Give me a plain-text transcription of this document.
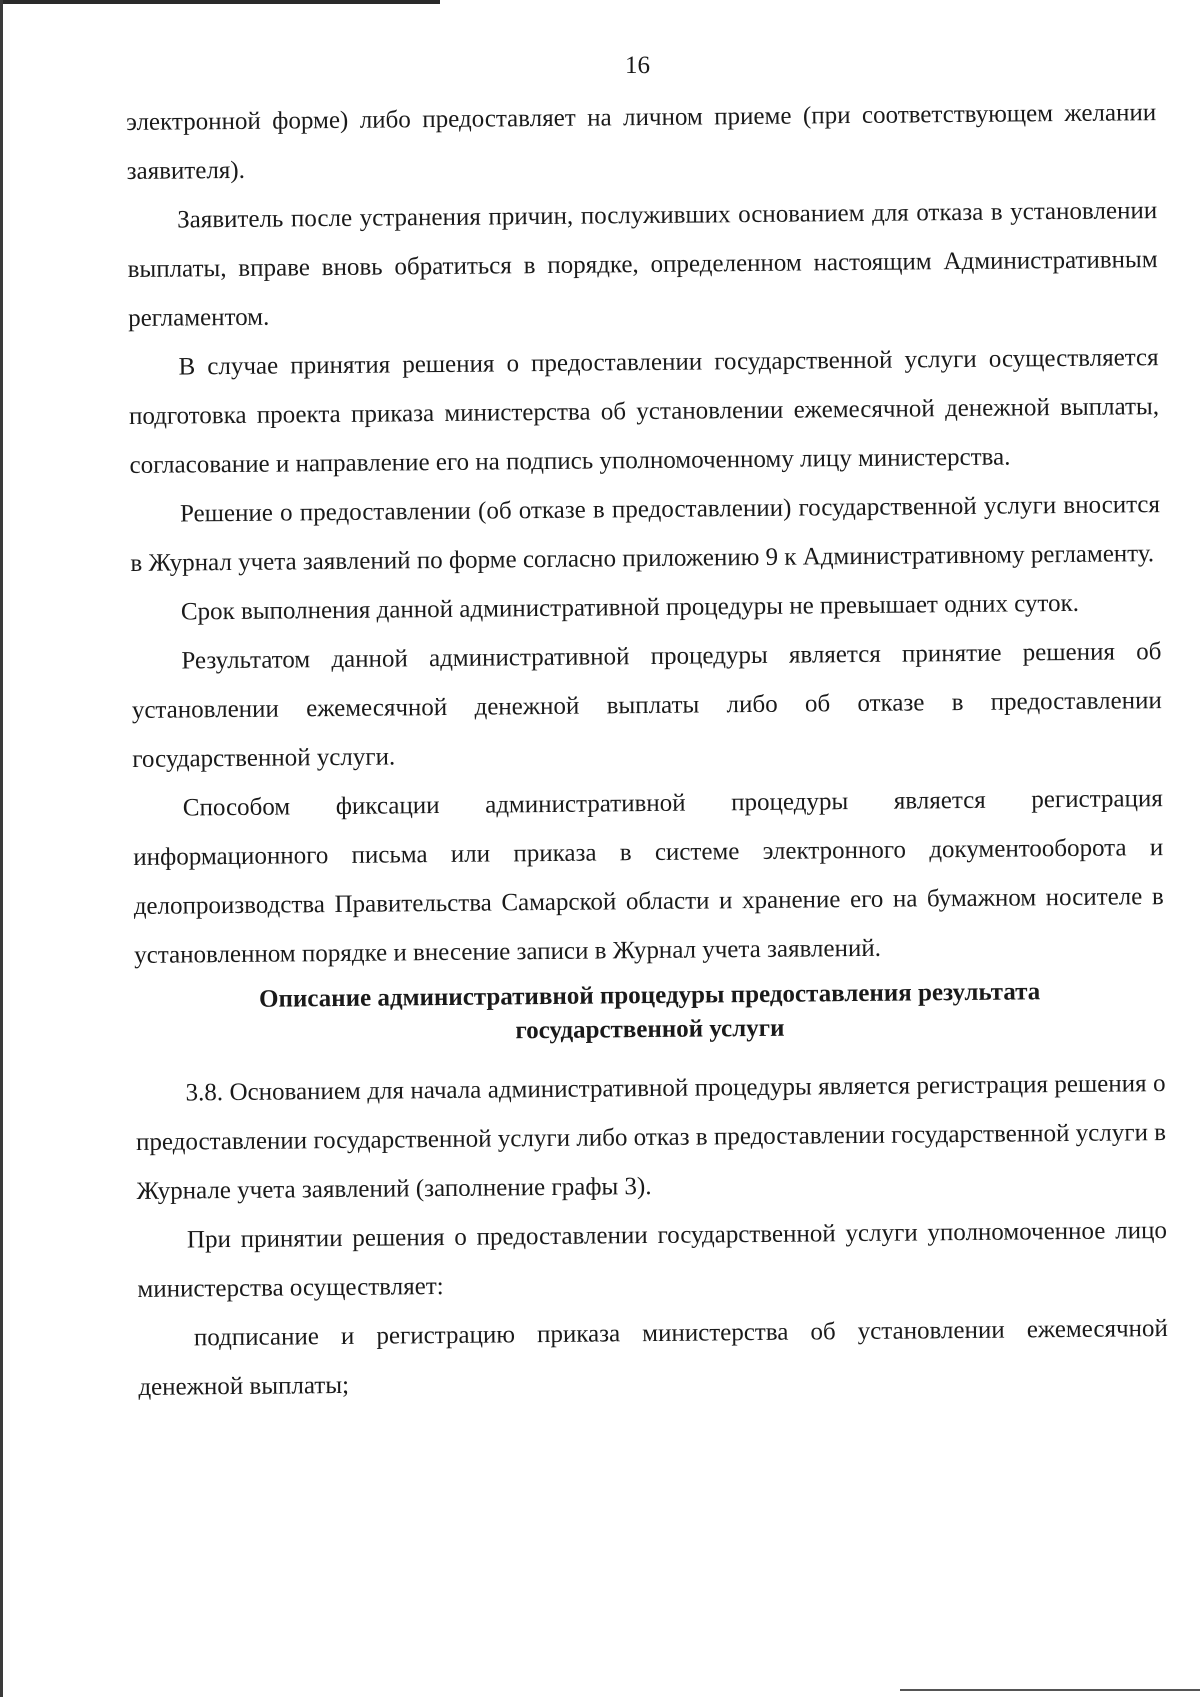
16

электронной форме) либо предоставляет на личном приеме (при соответствующем желании заявителя).

Заявитель после устранения причин, послуживших основанием для отказа в установлении выплаты, вправе вновь обратиться в порядке, определенном настоящим Административным регламентом.

В случае принятия решения о предоставлении государственной услуги осуществляется подготовка проекта приказа министерства об установлении ежемесячной денежной выплаты, согласование и направление его на подпись уполномоченному лицу министерства.

Решение о предоставлении (об отказе в предоставлении) государственной услуги вносится в Журнал учета заявлений по форме согласно приложению 9 к Административному регламенту.

Срок выполнения данной административной процедуры не превышает одних суток.

Результатом данной административной процедуры является принятие решения об установлении ежемесячной денежной выплаты либо об отказе в предоставлении государственной услуги.

Способом фиксации административной процедуры является регистрация информационного письма или приказа в системе электронного документооборота и делопроизводства Правительства Самарской области и хранение его на бумажном носителе в установленном порядке и внесение записи в Журнал учета заявлений.

Описание административной процедуры предоставления результата
государственной услуги

3.8. Основанием для начала административной процедуры является регистрация решения о предоставлении государственной услуги либо отказ в предоставлении государственной услуги в Журнале учета заявлений (заполнение графы 3).

При принятии решения о предоставлении государственной услуги уполномоченное лицо министерства осуществляет:

подписание и регистрацию приказа министерства об установлении ежемесячной денежной выплаты;
